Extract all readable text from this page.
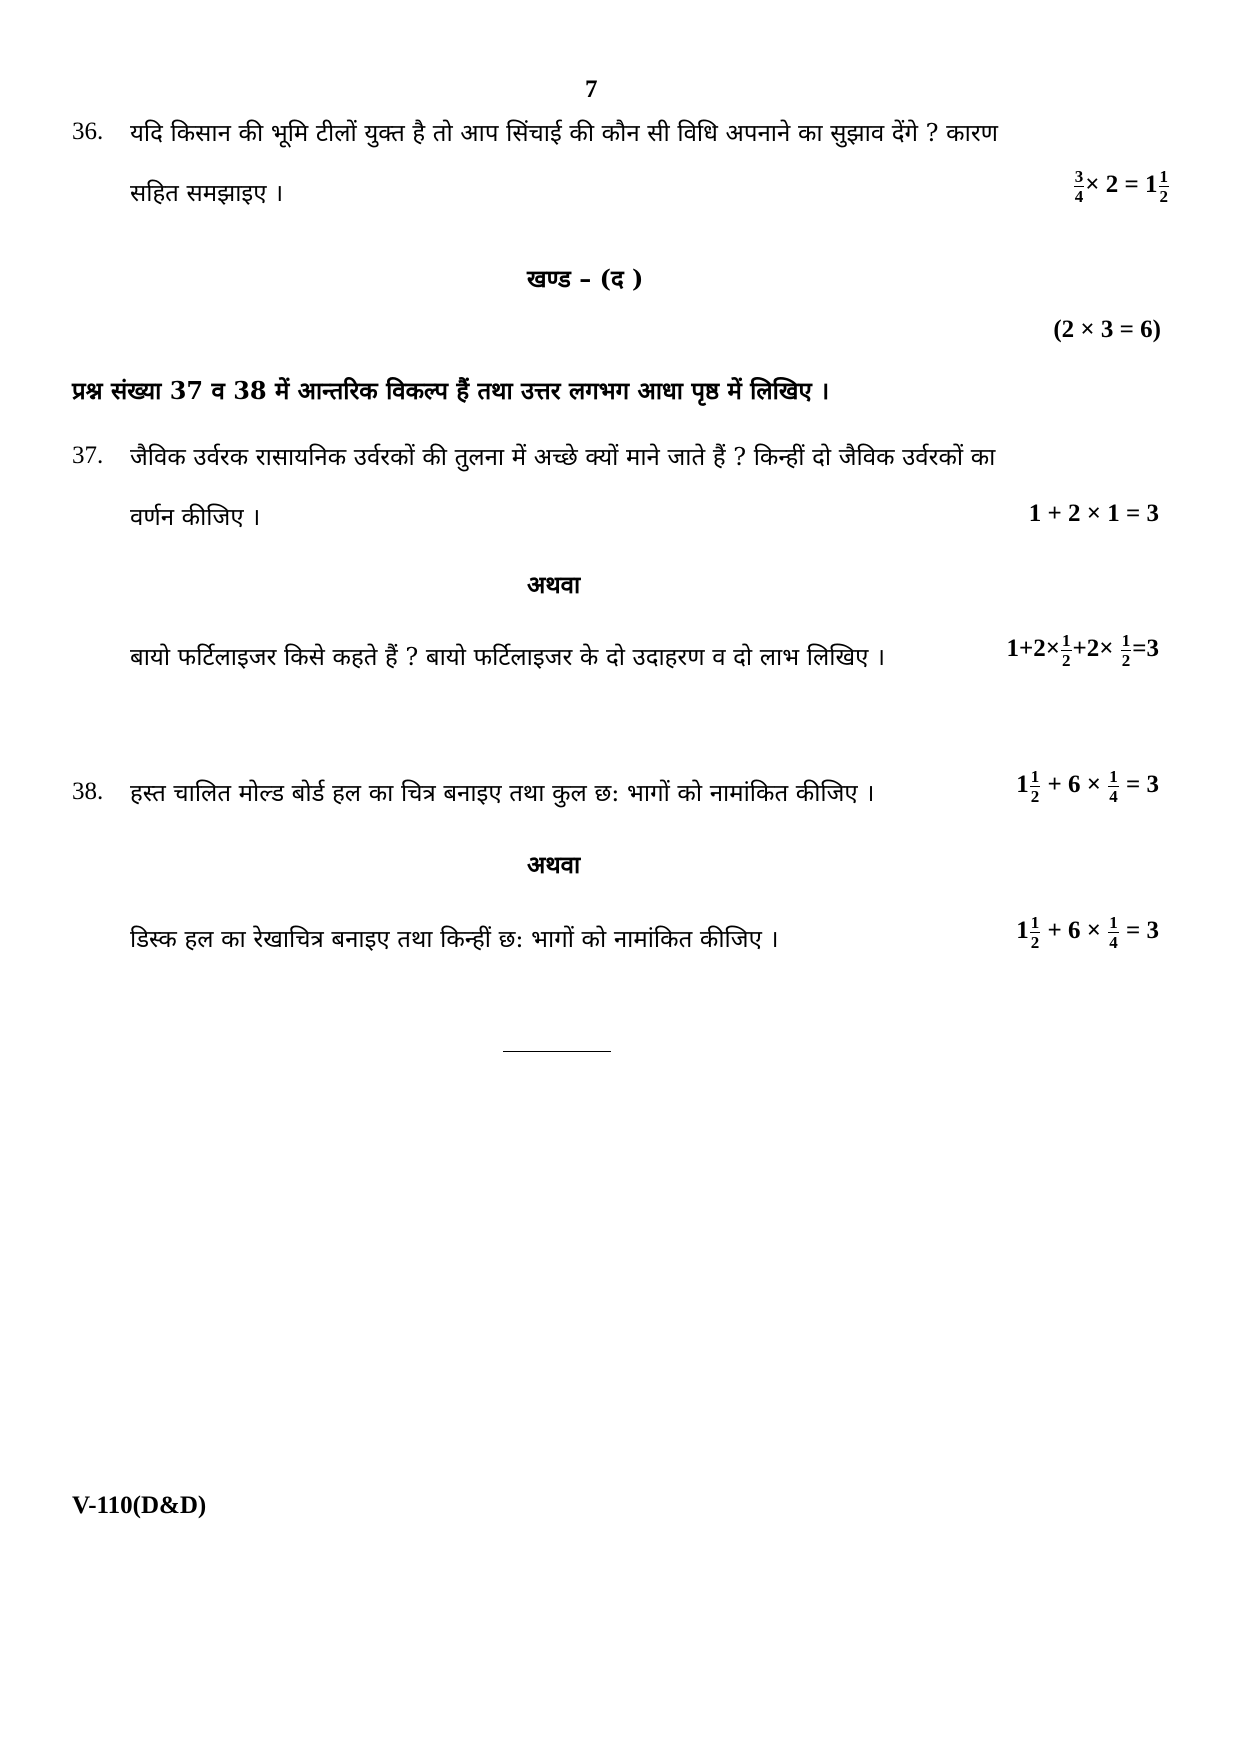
7
36. यदि किसान की भूमि टीलों युक्त है तो आप सिंचाई की कौन सी विधि अपनाने का सुझाव देंगे ? कारण
सहित समझाइए ।	$\frac{3}{4} \times 2 = 1 \frac{1}{2}$
खण्ड – (द )
(2 × 3 = 6)
प्रश्न संख्या 37 व 38 में आन्तरिक विकल्प हैं तथा उत्तर लगभग आधा पृष्ठ में लिखिए ।
37. जैविक उर्वरक रासायनिक उर्वरकों की तुलना में अच्छे क्यों माने जाते हैं ? किन्हीं दो जैविक उर्वरकों का
वर्णन कीजिए ।	1 + 2 × 1 = 3
अथवा
बायो फर्टिलाइजर किसे कहते हैं ? बायो फर्टिलाइजर के दो उदाहरण व दो लाभ लिखिए ।	$1+2\times \frac{1}{2} +2\times \frac{1}{2} =3$
38. हस्त चालित मोल्ड बोर्ड हल का चित्र बनाइए तथा कुल छ: भागों को नामांकित कीजिए ।	$1 \frac{1}{2} + 6 \times \frac{1}{4} = 3$
अथवा
डिस्क हल का रेखाचित्र बनाइए तथा किन्हीं छ: भागों को नामांकित कीजिए ।	$1 \frac{1}{2} + 6 \times \frac{1}{4} = 3$
V-110(D&D)
